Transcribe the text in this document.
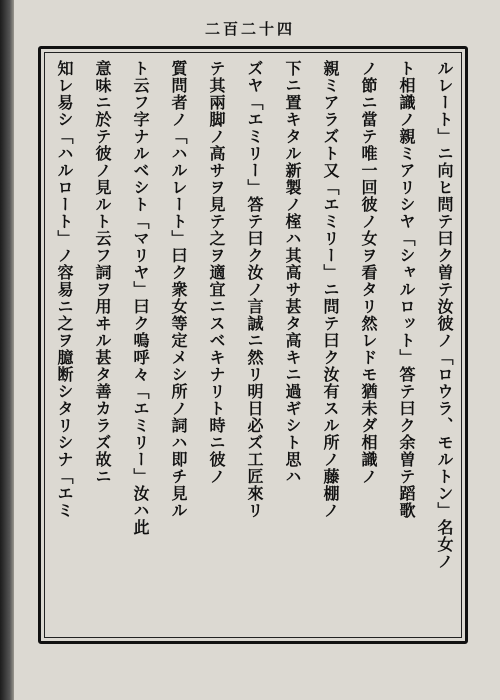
二百二十四
ルレート」ニ向ヒ問テ曰ク曽テ汝彼ノ「ロウラ、モルトン」名女ノ
ト相識ノ親ミアリシヤ「シャルロット」答テ曰ク余曽テ蹈歌
ノ節ニ當テ唯一回彼ノ女ヲ看タリ然レドモ猶未ダ相識ノ
親ミアラズト又「エミリー」ニ問テ曰ク汝有スル所ノ藤棚ノ
下ニ置キタル新製ノ榁ハ其高サ甚タ高キニ過ギシト思ハ
ズヤ「エミリー」答テ曰ク汝ノ言誠ニ然リ明日必ズ工匠來リ
テ其兩脚ノ高サヲ見テ之ヲ適宜ニスベキナリト時ニ彼ノ
質問者ノ「ハルレート」曰ク衆女等定メシ所ノ詞ハ即チ見ル
ト云フ字ナルベシト「マリヤ」曰ク嗚呼々「エミリー」汝ハ此
意味ニ於テ彼ノ見ルト云フ詞ヲ用ヰル甚タ善カラズ故ニ
知レ易シ「ハルロート」ノ容易ニ之ヲ臆断シタリシナ「エミ
